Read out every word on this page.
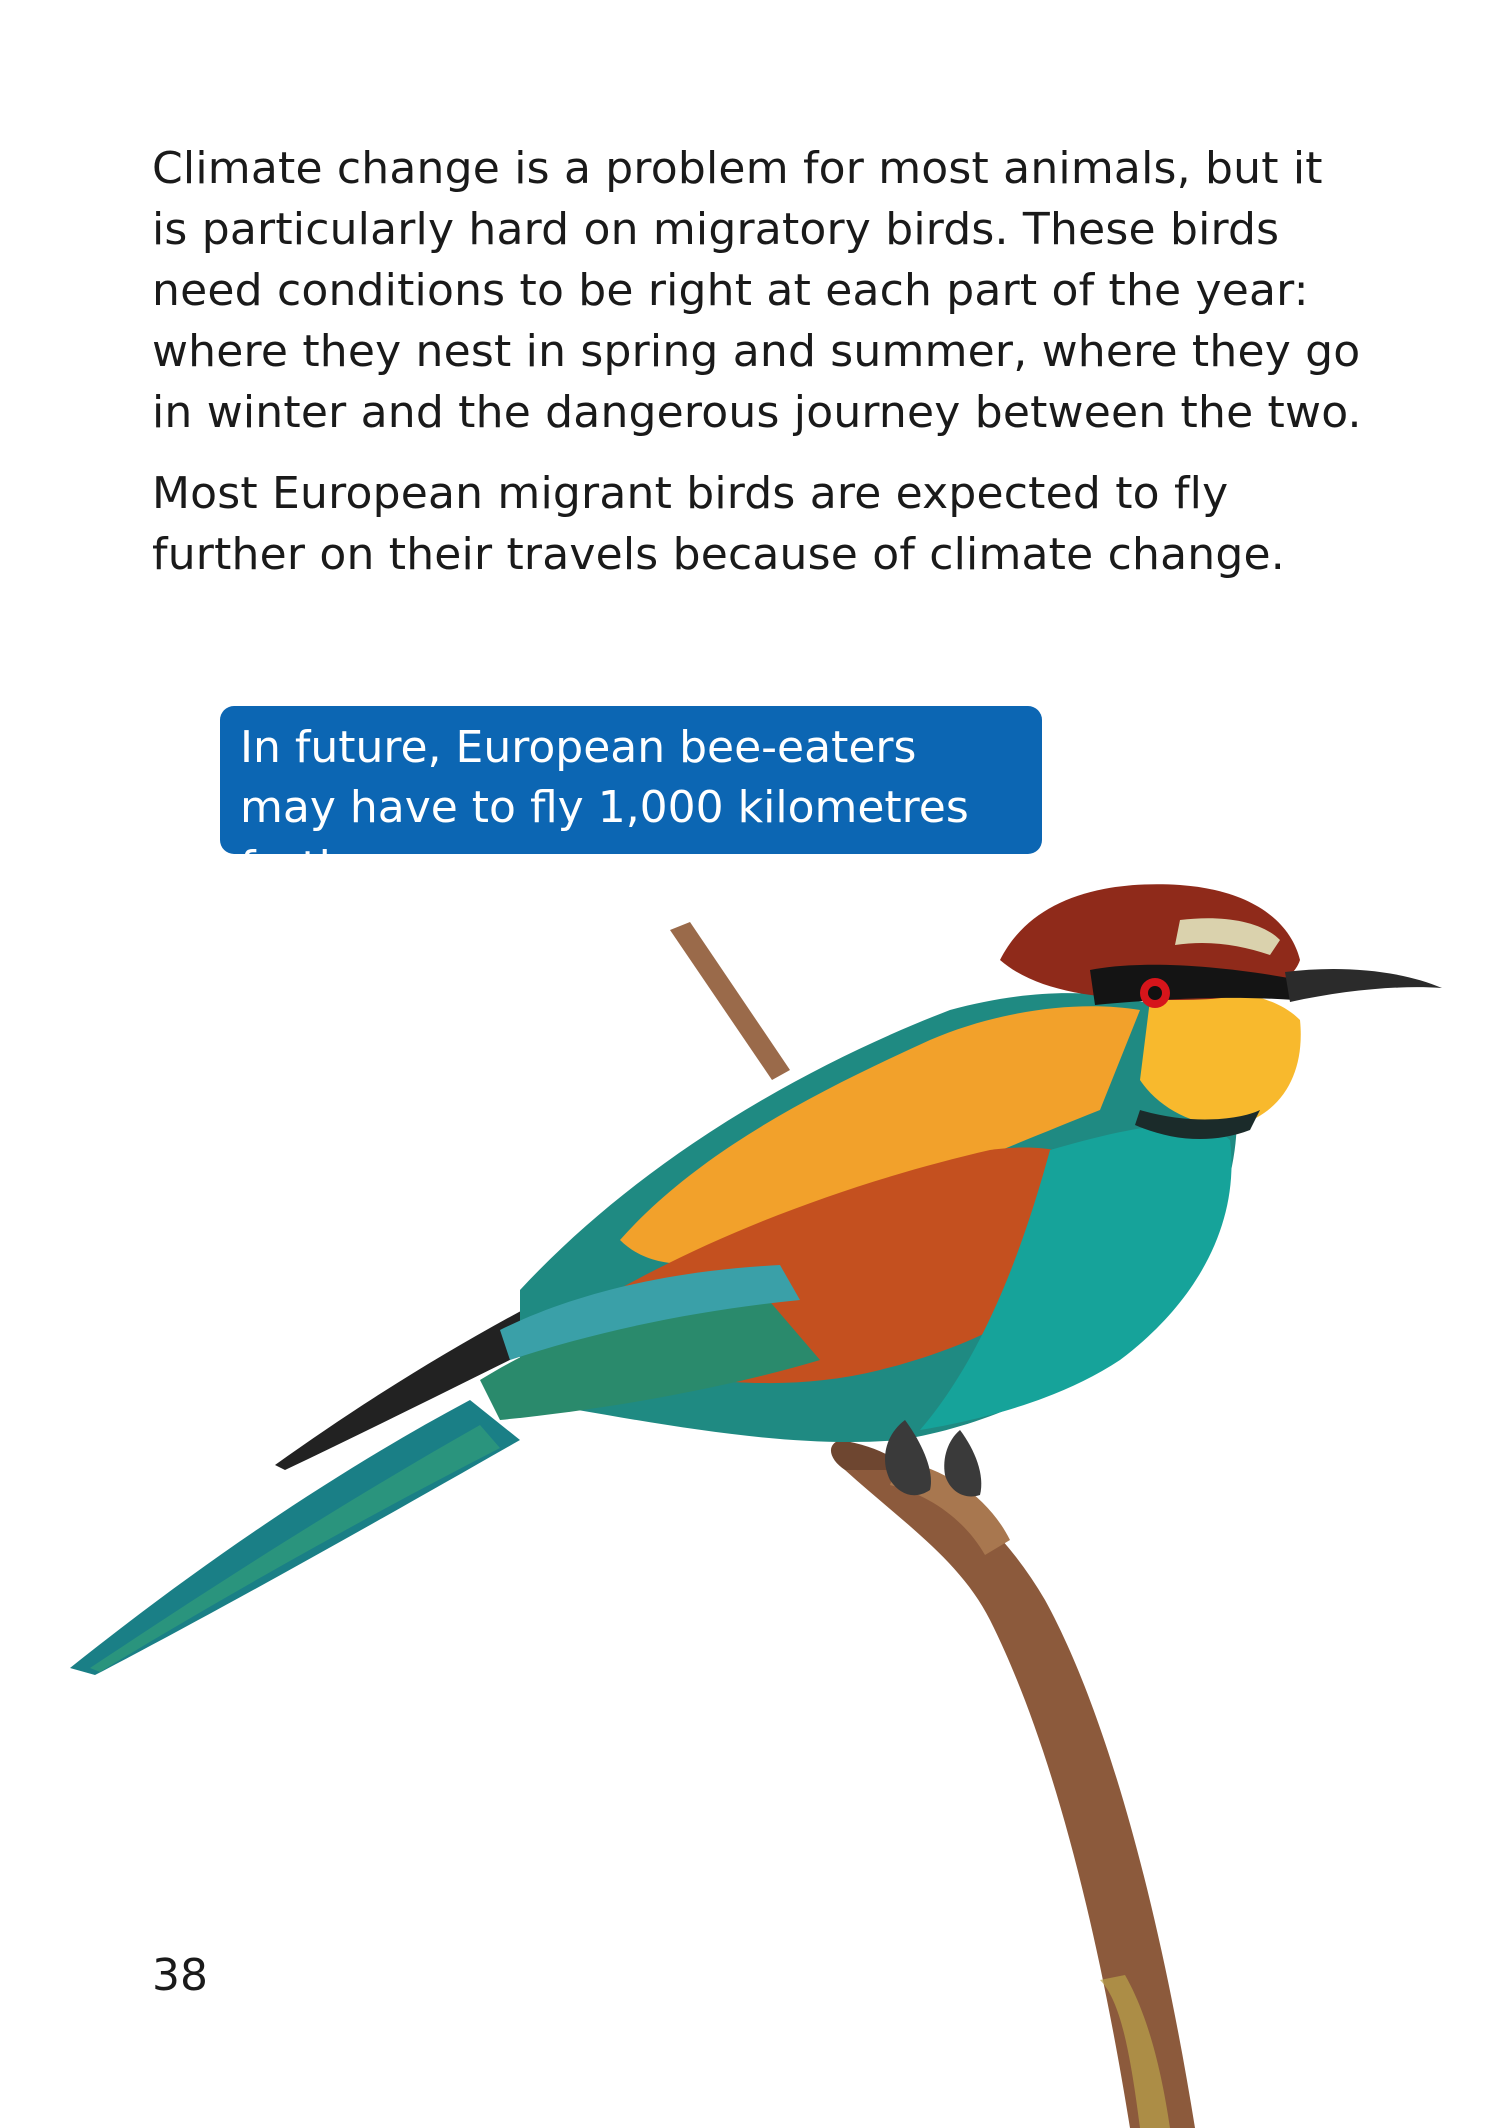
Climate change is a problem for most animals, but it is particularly hard on migratory birds. These birds need conditions to be right at each part of the year: where they nest in spring and summer, where they go in winter and the dangerous journey between the two.

Most European migrant birds are expected to fly further on their travels because of climate change.

In future, European bee-eaters may have to fly 1,000 kilometres further.
38
